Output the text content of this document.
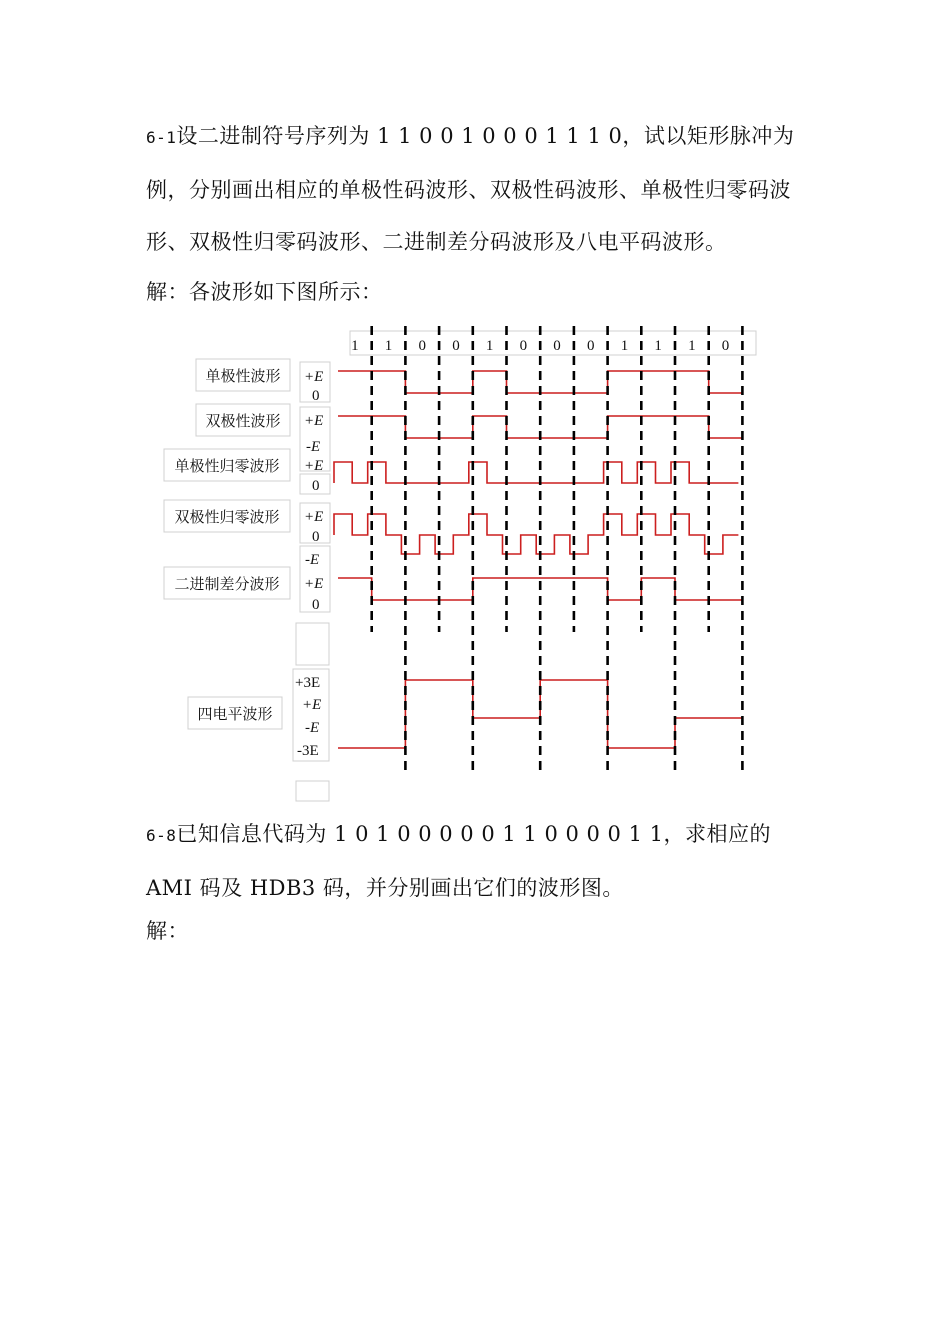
6-1设二进制符号序列为 1 1 0 0 1 0 0 0 1 1 1 0，试以矩形脉冲为例，分别画出相应的单极性码波形、双极性码波形、单极性归零码波形、双极性归零码波形、二进制差分码波形及八电平码波形。
解：各波形如下图所示：
1 1 0 0 1 0 0 0 1 1 1 0
单极性波形
双极性波形
单极性归零波形
双极性归零波形
二进制差分波形
四电平波形
+E
0
+E
-E
+E
0
+E
0
-E
+E
0
+3E
+E
-E
-3E
6-8已知信息代码为 1 0 1 0 0 0 0 0 1 1 0 0 0 0 1 1，求相应的AMI 码及 HDB3 码，并分别画出它们的波形图。
解：
